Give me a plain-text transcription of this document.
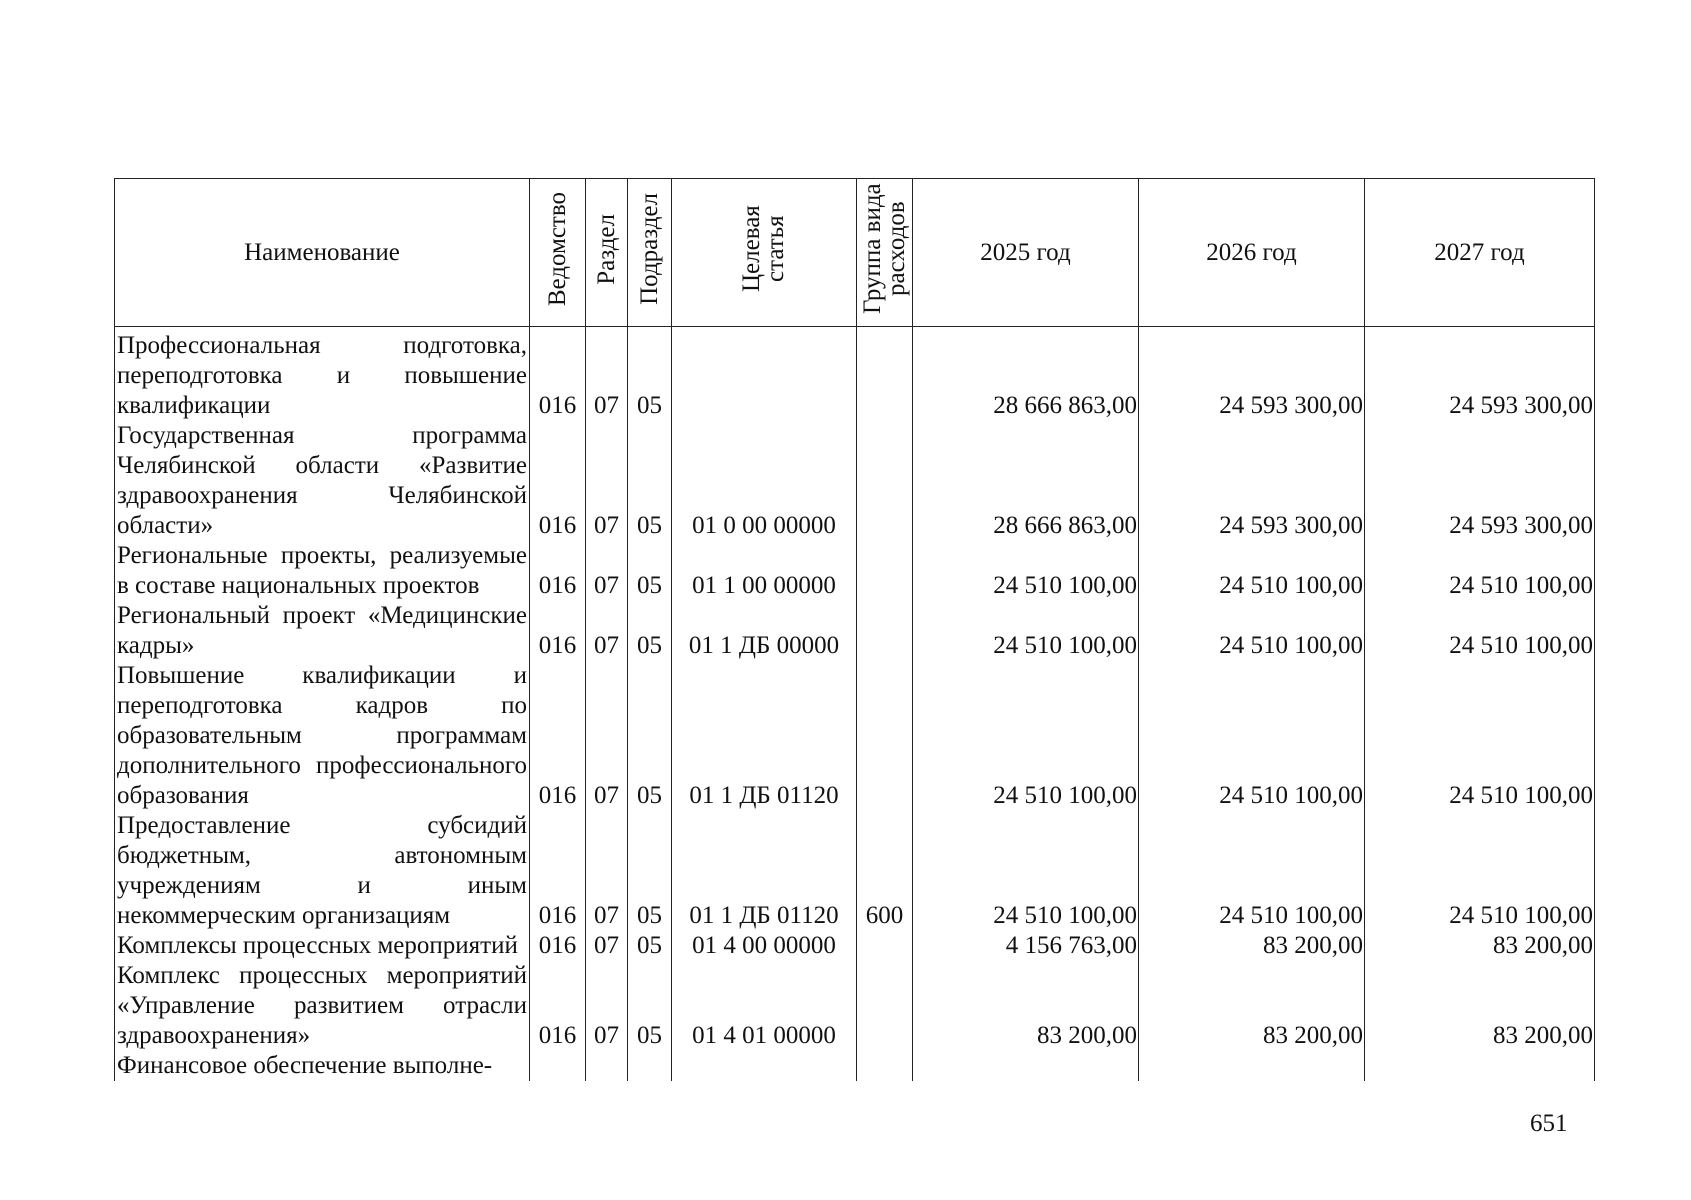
Наименование	Ведомство	Раздел	Подраздел	Целевая статья	Группа вида расходов	2025 год	2026 год	2027 год

Профессиональная подготовка, переподготовка и повышение квалификации	016	07	05			28 666 863,00	24 593 300,00	24 593 300,00
Государственная программа Челябинской области «Развитие здравоохранения Челябинской области»	016	07	05	01 0 00 00000		28 666 863,00	24 593 300,00	24 593 300,00
Региональные проекты, реализуемые в составе национальных проектов	016	07	05	01 1 00 00000		24 510 100,00	24 510 100,00	24 510 100,00
Региональный проект «Медицинские кадры»	016	07	05	01 1 ДБ 00000		24 510 100,00	24 510 100,00	24 510 100,00
Повышение квалификации и переподготовка кадров по образовательным программам дополнительного профессионального образования	016	07	05	01 1 ДБ 01120		24 510 100,00	24 510 100,00	24 510 100,00
Предоставление субсидий бюджетным, автономным учреждениям и иным некоммерческим организациям	016	07	05	01 1 ДБ 01120	600	24 510 100,00	24 510 100,00	24 510 100,00
Комплексы процессных мероприятий	016	07	05	01 4 00 00000		4 156 763,00	83 200,00	83 200,00
Комплекс процессных мероприятий «Управление развитием отрасли здравоохранения»	016	07	05	01 4 01 00000		83 200,00	83 200,00	83 200,00
Финансовое обеспечение выполне-								
651
